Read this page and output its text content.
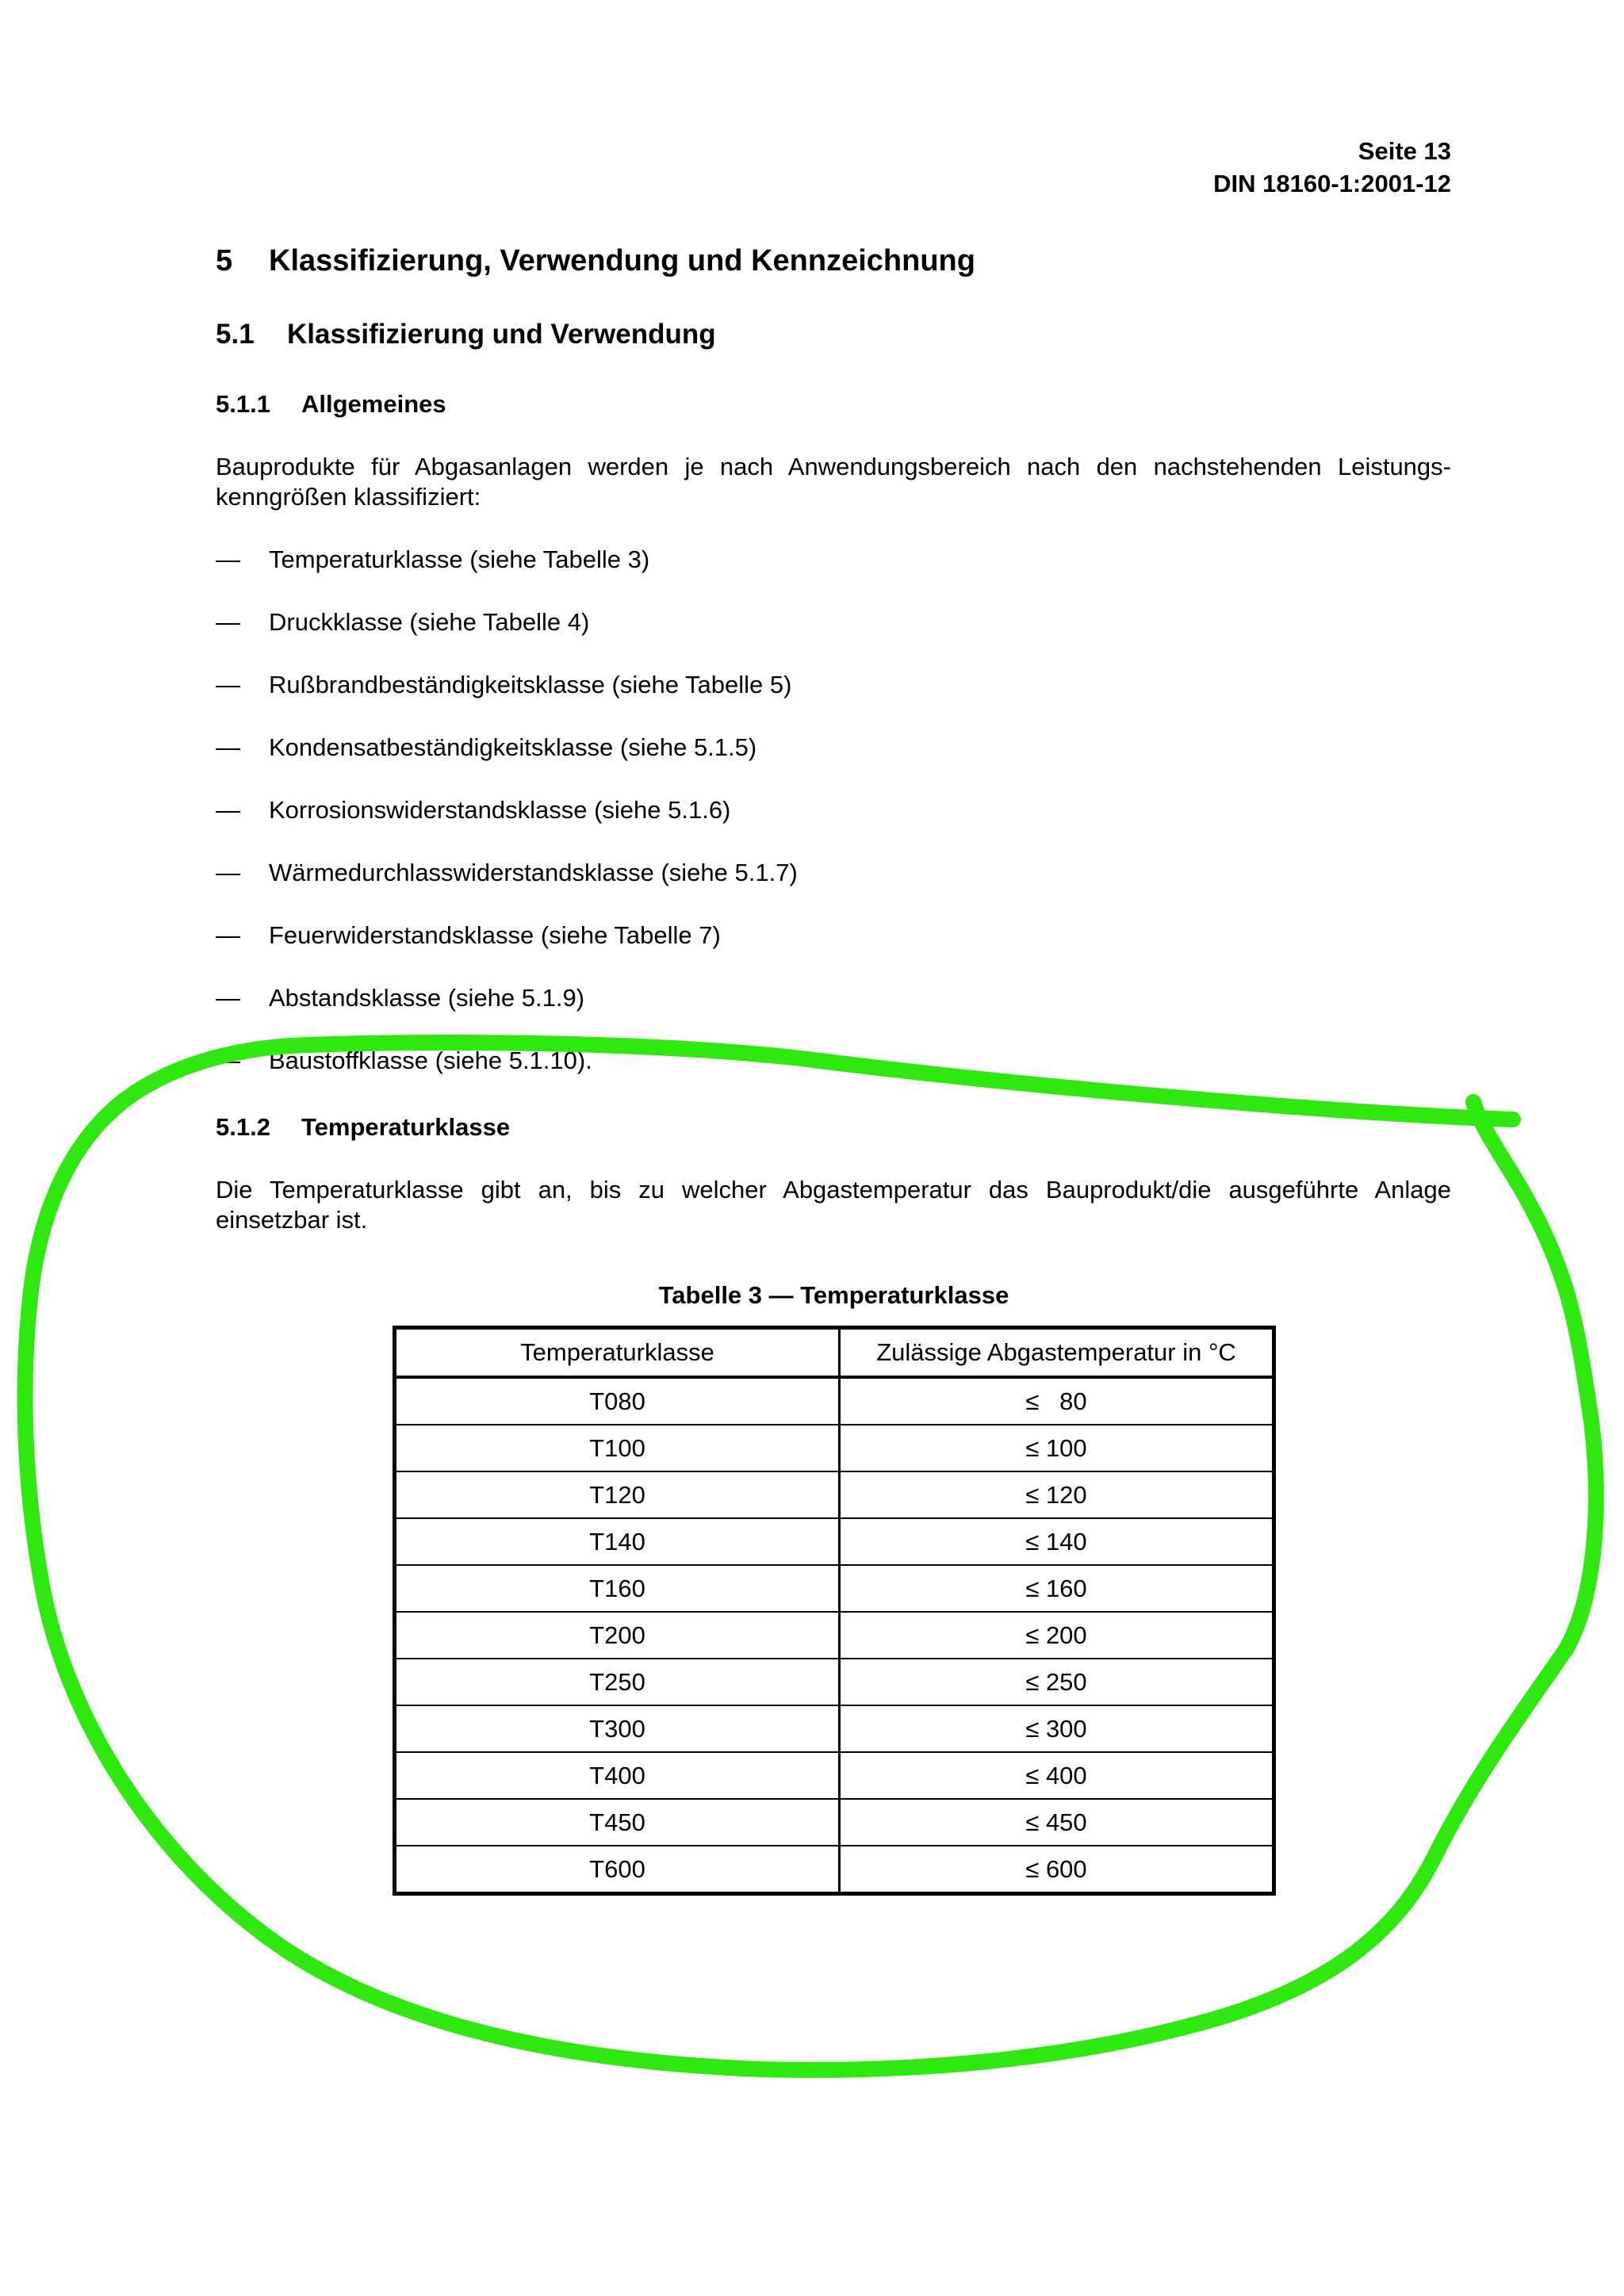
Seite 13
DIN 18160-1:2001-12
5 Klassifizierung, Verwendung und Kennzeichnung
5.1 Klassifizierung und Verwendung
5.1.1 Allgemeines
Bauprodukte für Abgasanlagen werden je nach Anwendungsbereich nach den nachstehenden Leistungs-kenngrößen klassifiziert:
— Temperaturklasse (siehe Tabelle 3)
— Druckklasse (siehe Tabelle 4)
— Rußbrandbeständigkeitsklasse (siehe Tabelle 5)
— Kondensatbeständigkeitsklasse (siehe 5.1.5)
— Korrosionswiderstandsklasse (siehe 5.1.6)
— Wärmedurchlasswiderstandsklasse (siehe 5.1.7)
— Feuerwiderstandsklasse (siehe Tabelle 7)
— Abstandsklasse (siehe 5.1.9)
— Baustoffklasse (siehe 5.1.10).
5.1.2 Temperaturklasse
Die Temperaturklasse gibt an, bis zu welcher Abgastemperatur das Bauprodukt/die ausgeführte Anlage einsetzbar ist.
Tabelle 3 — Temperaturklasse
Temperaturklasse	Zulässige Abgastemperatur in °C
T080	≤   80
T100	≤ 100
T120	≤ 120
T140	≤ 140
T160	≤ 160
T200	≤ 200
T250	≤ 250
T300	≤ 300
T400	≤ 400
T450	≤ 450
T600	≤ 600
